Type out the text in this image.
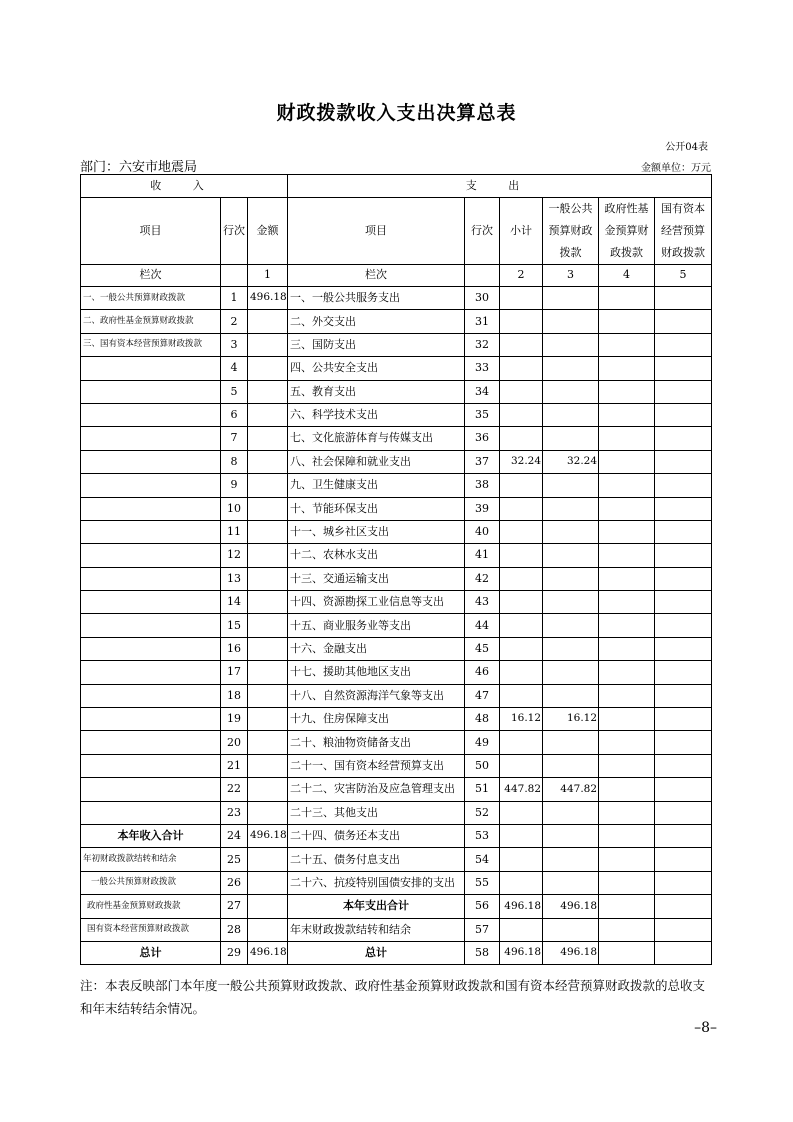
财政拨款收入支出决算总表
公开04表
部门：六安市地震局	金额单位：万元
收 入			支 出					
项目	行次	金额	项目	行次	小计	一般公共预算财政拨款	政府性基金预算财政拨款	国有资本经营预算财政拨款
栏次		1	栏次		2	3	4	5
一、一般公共预算财政拨款	1	496.18	一、一般公共服务支出	30				
二、政府性基金预算财政拨款	2		二、外交支出	31				
三、国有资本经营预算财政拨款	3		三、国防支出	32				
	4		四、公共安全支出	33				
	5		五、教育支出	34				
	6		六、科学技术支出	35				
	7		七、文化旅游体育与传媒支出	36				
	8		八、社会保障和就业支出	37	32.24	32.24		
	9		九、卫生健康支出	38				
	10		十、节能环保支出	39				
	11		十一、城乡社区支出	40				
	12		十二、农林水支出	41				
	13		十三、交通运输支出	42				
	14		十四、资源勘探工业信息等支出	43				
	15		十五、商业服务业等支出	44				
	16		十六、金融支出	45				
	17		十七、援助其他地区支出	46				
	18		十八、自然资源海洋气象等支出	47				
	19		十九、住房保障支出	48	16.12	16.12		
	20		二十、粮油物资储备支出	49				
	21		二十一、国有资本经营预算支出	50				
	22		二十二、灾害防治及应急管理支出	51	447.82	447.82		
	23		二十三、其他支出	52				
本年收入合计	24	496.18	二十四、债务还本支出	53				
年初财政拨款结转和结余	25		二十五、债务付息支出	54				
一般公共预算财政拨款	26		二十六、抗疫特别国债安排的支出	55				
政府性基金预算财政拨款	27		本年支出合计	56	496.18	496.18		
国有资本经营预算财政拨款	28		年末财政拨款结转和结余	57				
总计	29	496.18	总计	58	496.18	496.18		
注：本表反映部门本年度一般公共预算财政拨款、政府性基金预算财政拨款和国有资本经营预算财政拨款的总收支和年末结转结余情况。
–8–
